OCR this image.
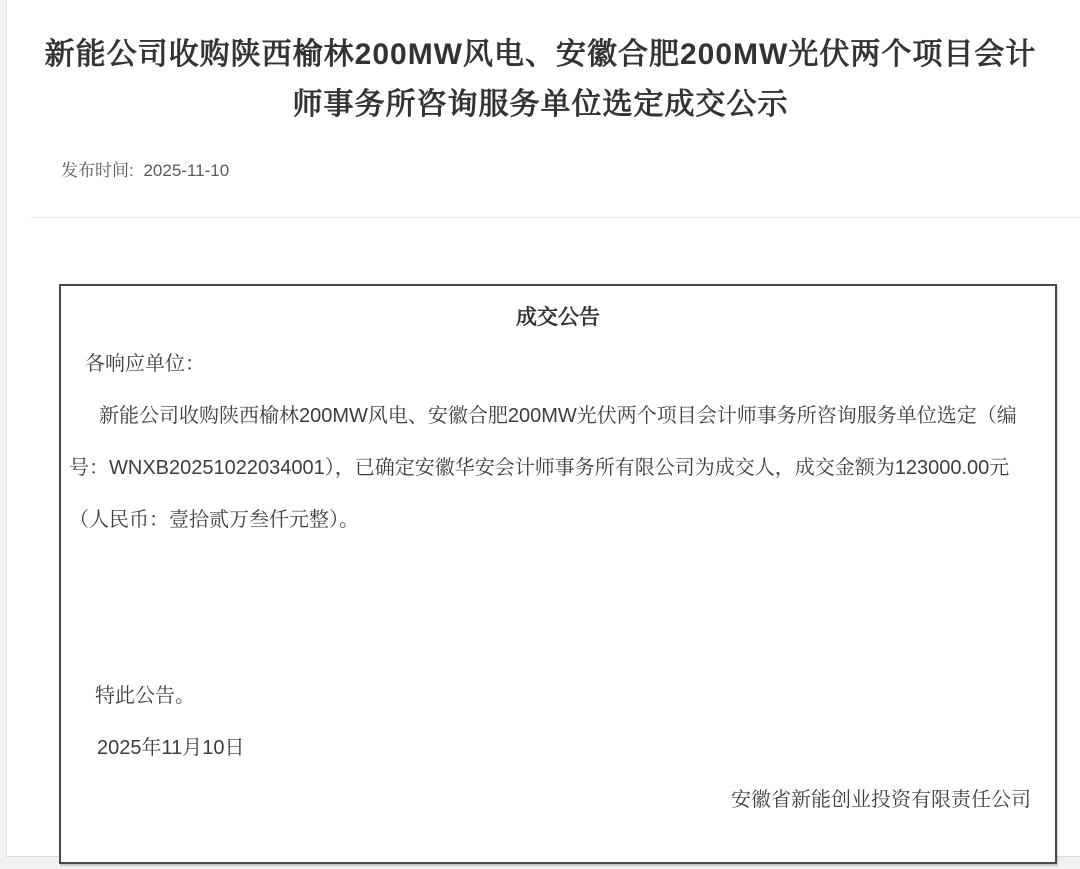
新能公司收购陕西榆林200MW风电、安徽合肥200MW光伏两个项目会计师事务所咨询服务单位选定成交公示
发布时间: 2025-11-10
成交公告
各响应单位：

新能公司收购陕西榆林200MW风电、安徽合肥200MW光伏两个项目会计师事务所咨询服务单位选定（编号：WNXB20251022034001），已确定安徽华安会计师事务所有限公司为成交人，成交金额为123000.00元（人民币：壹拾贰万叁仟元整）。

特此公告。
2025年11月10日
安徽省新能创业投资有限责任公司
